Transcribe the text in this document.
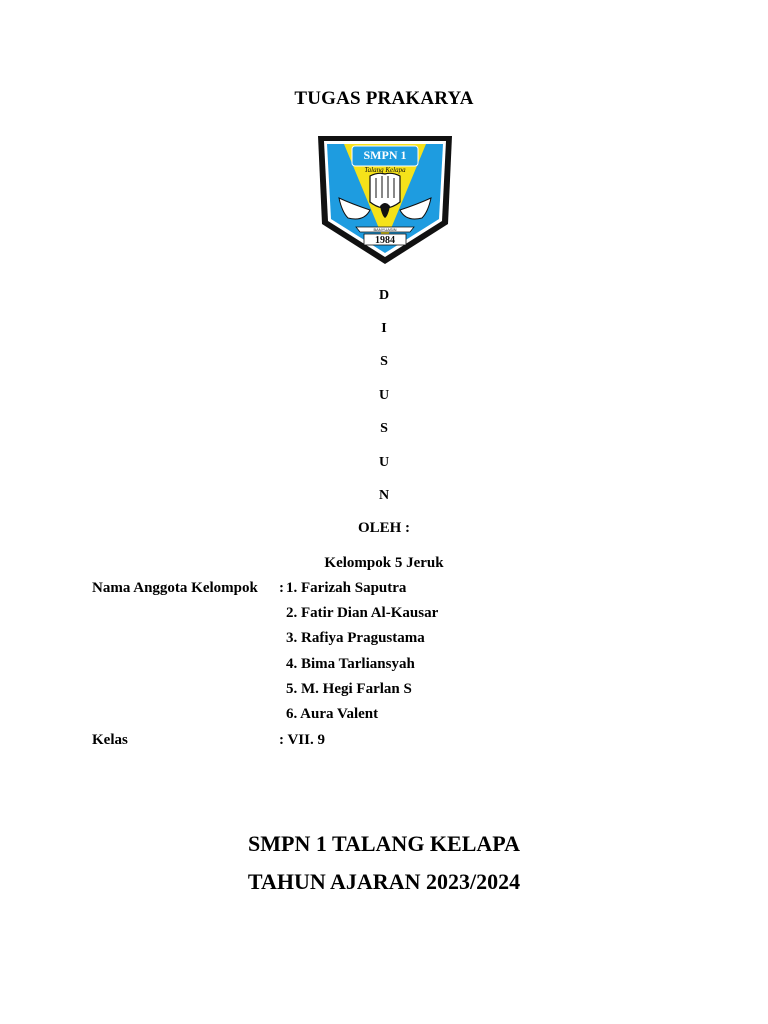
TUGAS PRAKARYA
SMPN 1
Talang Kelapa
BANYUASIN
1984
D
I
S
U
S
U
N
OLEH :
Kelompok 5 Jeruk
Nama Anggota Kelompok : 1. Farizah Saputra
2. Fatir Dian Al-Kausar
3. Rafiya Pragustama
4. Bima Tarliansyah
5. M. Hegi Farlan S
6. Aura Valent
Kelas	: VII. 9
SMPN 1 TALANG KELAPA
TAHUN AJARAN 2023/2024
